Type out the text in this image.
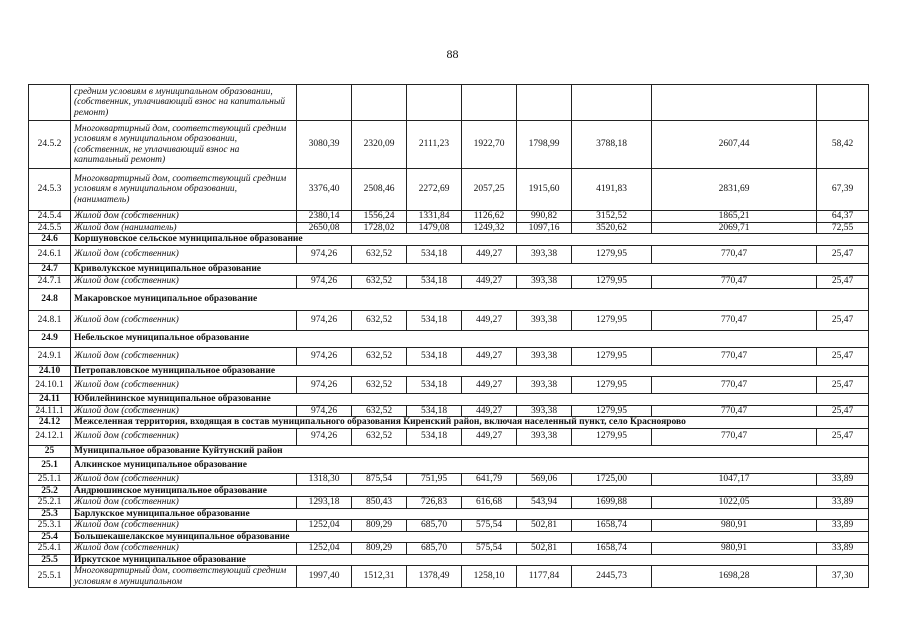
88
	средним условиям в муниципальном образовании, (собственник, уплачивающий взнос на капитальный ремонт)								
24.5.2	Многоквартирный дом, соответствующий средним условиям в муниципальном образовании, (собственник, не уплачивающий взнос на капитальный ремонт)	3080,39	2320,09	2111,23	1922,70	1798,99	3788,18	2607,44	58,42
24.5.3	Многоквартирный дом, соответствующий средним условиям в муниципальном образовании, (наниматель)	3376,40	2508,46	2272,69	2057,25	1915,60	4191,83	2831,69	67,39
24.5.4	Жилой дом (собственник)	2380,14	1556,24	1331,84	1126,62	990,82	3152,52	1865,21	64,37
24.5.5	Жилой дом (наниматель)	2650,08	1728,02	1479,08	1249,32	1097,16	3520,62	2069,71	72,55
24.6	Коршуновское сельское муниципальное образование								
24.6.1	Жилой дом (собственник)	974,26	632,52	534,18	449,27	393,38	1279,95	770,47	25,47
24.7	Криволукское муниципальное образование								
24.7.1	Жилой дом (собственник)	974,26	632,52	534,18	449,27	393,38	1279,95	770,47	25,47
24.8	Макаровское муниципальное образование								
24.8.1	Жилой дом (собственник)	974,26	632,52	534,18	449,27	393,38	1279,95	770,47	25,47
24.9	Небельское муниципальное образование								
24.9.1	Жилой дом (собственник)	974,26	632,52	534,18	449,27	393,38	1279,95	770,47	25,47
24.10	Петропавловское муниципальное образование								
24.10.1	Жилой дом (собственник)	974,26	632,52	534,18	449,27	393,38	1279,95	770,47	25,47
24.11	Юбилейнинское муниципальное образование								
24.11.1	Жилой дом (собственник)	974,26	632,52	534,18	449,27	393,38	1279,95	770,47	25,47
24.12	Межселенная территория, входящая в состав муниципального образования Киренский район, включая населенный пункт, село Красноярово								
24.12.1	Жилой дом (собственник)	974,26	632,52	534,18	449,27	393,38	1279,95	770,47	25,47
25	Муниципальное образование Куйтунский район								
25.1	Алкинское муниципальное образование								
25.1.1	Жилой дом (собственник)	1318,30	875,54	751,95	641,79	569,06	1725,00	1047,17	33,89
25.2	Андрюшинское муниципальное образование								
25.2.1	Жилой дом (собственник)	1293,18	850,43	726,83	616,68	543,94	1699,88	1022,05	33,89
25.3	Барлукское муниципальное образование								
25.3.1	Жилой дом (собственник)	1252,04	809,29	685,70	575,54	502,81	1658,74	980,91	33,89
25.4	Большекашелакское муниципальное образование								
25.4.1	Жилой дом (собственник)	1252,04	809,29	685,70	575,54	502,81	1658,74	980,91	33,89
25.5	Иркутское муниципальное образование								
25.5.1	Многоквартирный дом, соответствующий средним условиям в муниципальном	1997,40	1512,31	1378,49	1258,10	1177,84	2445,73	1698,28	37,30
